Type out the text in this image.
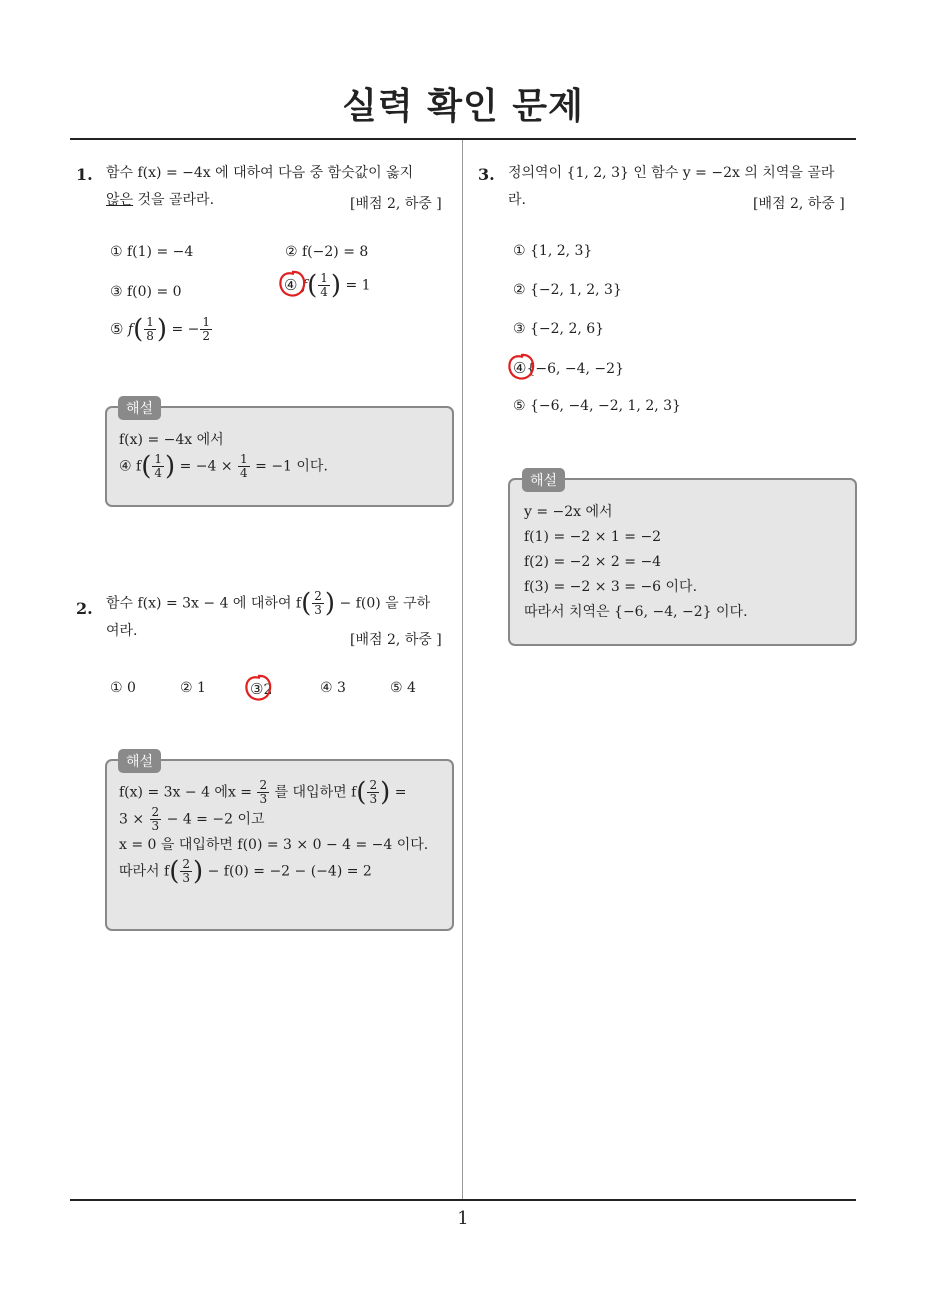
실력 확인 문제
1. 함수 f(x) = −4x 에 대하여 다음 중 함숫값이 옳지
않은 것을 골라라.	[배점 2, 하중 ]
① f(1) = −4	② f(−2) = 8
③ f(0) = 0	④ $f( \frac{1}{4}$ ) = 1
⑤ $f( \frac{1}{8}$ ) = − $\frac{1}{2}$
f(x) = −4x 에서
④ $f( \frac{1}{4}$ ) = $-4 \times \frac{1}{4} = -1$ 이다.
해설
2. 함수 f(x) = 3x − 4 에 대하여 $f( \frac{2}{3}$ ) − f(0) 을 구하
여라.
[배점 2, 하중 ]
① 0	② 1	③2	④ 3	⑤ 4
f(x) = 3x − 4 에$x = \frac{2}{3}$ 를 대입하면 $f( \frac{2}{3}$ ) =
$3 \times \frac{2}{3} - 4 = -2$ 이고
x = 0 을 대입하면 f(0) = 3 × 0 − 4 = −4 이다.
따라서 $f( \frac{2}{3}$ ) − f(0) = −2 − (−4) = 2
해설
3. 정의역이 {1, 2, 3} 인 함수 y = −2x 의 치역을 골라
라.	[배점 2, 하중 ]
① {1, 2, 3}
② {−2, 1, 2, 3}
③ {−2, 2, 6}
④{−6, −4, −2}
⑤ {−6, −4, −2, 1, 2, 3}
y = −2x 에서
f(1) = −2 × 1 = −2
f(2) = −2 × 2 = −4
f(3) = −2 × 3 = −6 이다.
따라서 치역은 {−6, −4, −2} 이다.
해설
1
